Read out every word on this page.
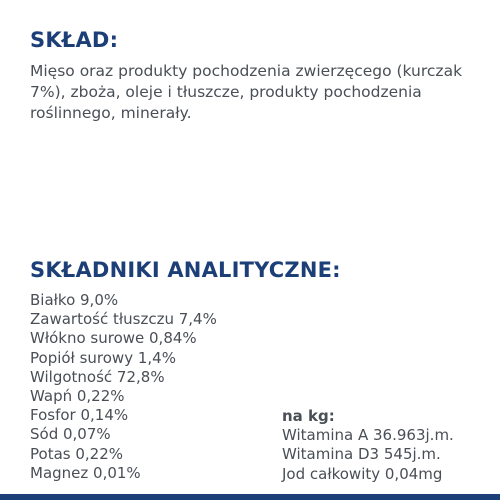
SKŁAD:

Mięso oraz produkty pochodzenia zwierzęcego (kurczak 7%), zboża, oleje i tłuszcze, produkty pochodzenia roślinnego, minerały.

SKŁADNIKI ANALITYCZNE:
Białko 9,0%
Zawartość tłuszczu 7,4%
Włókno surowe 0,84%
Popiół surowy 1,4%
Wilgotność 72,8%
Wapń 0,22%
Fosfor 0,14%
Sód 0,07%
Potas 0,22%
Magnez 0,01%
na kg:
Witamina A 36.963j.m.
Witamina D3 545j.m.
Jod całkowity 0,04mg
